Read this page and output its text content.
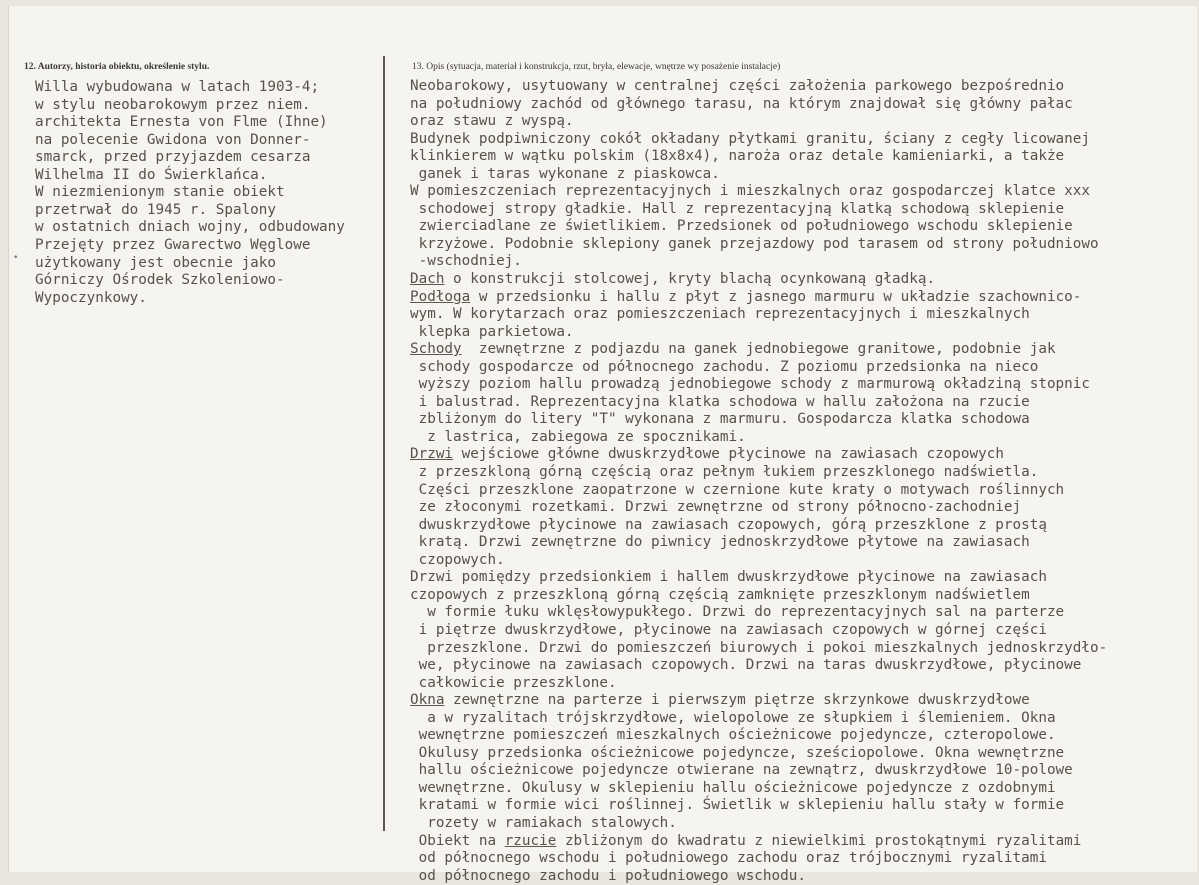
12. Autorzy, historia obiektu, określenie stylu.	13. Opis (sytuacja, materiał i konstrukcja, rzut, bryła, elewacje, wnętrze wy posażenie instalacje)
Willa wybudowana w latach 1903-4;
w stylu neobarokowym przez niem.
architekta Ernesta von Flme (Ihne)
na polecenie Gwidona von Donner-
smarck, przed przyjazdem cesarza
Wilhelma II do Świerklańca.
W niezmienionym stanie obiekt
przetrwał do 1945 r. Spalony
w ostatnich dniach wojny, odbudowany
•
Przejęty przez Gwarectwo Węglowe
użytkowany jest obecnie jako
Górniczy Ośrodek Szkoleniowo-
Wypoczynkowy.
Neobarokowy, usytuowany w centralnej części założenia parkowego bezpośrednio
na południowy zachód od głównego tarasu, na którym znajdował się główny pałac
oraz stawu z wyspą.
Budynek podpiwniczony cokół okładany płytkami granitu, ściany z cegły licowanej
klinkierem w wątku polskim (18x8x4), naroża oraz detale kamieniarki, a także
ganek i taras wykonane z piaskowca.
W pomieszczeniach reprezentacyjnych i mieszkalnych oraz gospodarczej klatce xxx
schodowej stropy gładkie. Hall z reprezentacyjną klatką schodową sklepienie
zwierciadlane ze świetlikiem. Przedsionek od południowego wschodu sklepienie
krzyżowe. Podobnie sklepiony ganek przejazdowy pod tarasem od strony południowo
-wschodniej.
Dach o konstrukcji stolcowej, kryty blachą ocynkowaną gładką.
Podłoga w przedsionku i hallu z płyt z jasnego marmuru w układzie szachownico-
wym. W korytarzach oraz pomieszczeniach reprezentacyjnych i mieszkalnych
klepka parkietowa.
Schody  zewnętrzne z podjazdu na ganek jednobiegowe granitowe, podobnie jak
schody gospodarcze od północnego zachodu. Z poziomu przedsionka na nieco
wyższy poziom hallu prowadzą jednobiegowe schody z marmurową okładziną stopnic
i balustrad. Reprezentacyjna klatka schodowa w hallu założona na rzucie
zbliżonym do litery "T" wykonana z marmuru. Gospodarcza klatka schodowa
z lastrica, zabiegowa ze spocznikami.
Drzwi wejściowe główne dwuskrzydłowe płycinowe na zawiasach czopowych
z przeszkloną górną częścią oraz pełnym łukiem przeszklonego nadświetla.
Części przeszklone zaopatrzone w czernione kute kraty o motywach roślinnych
ze złoconymi rozetkami. Drzwi zewnętrzne od strony północno-zachodniej
dwuskrzydłowe płycinowe na zawiasach czopowych, górą przeszklone z prostą
kratą. Drzwi zewnętrzne do piwnicy jednoskrzydłowe płytowe na zawiasach
czopowych.
Drzwi pomiędzy przedsionkiem i hallem dwuskrzydłowe płycinowe na zawiasach
czopowych z przeszkloną górną częścią zamknięte przeszklonym nadświetlem
w formie łuku wklęsłowypukłego. Drzwi do reprezentacyjnych sal na parterze
i piętrze dwuskrzydłowe, płycinowe na zawiasach czopowych w górnej części
przeszklone. Drzwi do pomieszczeń biurowych i pokoi mieszkalnych jednoskrzydło-
we, płycinowe na zawiasach czopowych. Drzwi na taras dwuskrzydłowe, płycinowe
całkowicie przeszklone.
Okna zewnętrzne na parterze i pierwszym piętrze skrzynkowe dwuskrzydłowe
a w ryzalitach trójskrzydłowe, wielopolowe ze słupkiem i ślemieniem. Okna
wewnętrzne pomieszczeń mieszkalnych ościeżnicowe pojedyncze, czteropolowe.
Okulusy przedsionka ościeżnicowe pojedyncze, sześciopolowe. Okna wewnętrzne
hallu ościeżnicowe pojedyncze otwierane na zewnątrz, dwuskrzydłowe 10-polowe
wewnętrzne. Okulusy w sklepieniu hallu ościeżnicowe pojedyncze z ozdobnymi
kratami w formie wici roślinnej. Świetlik w sklepieniu hallu stały w formie
rozety w ramiakach stalowych.
Obiekt na rzucie zbliżonym do kwadratu z niewielkimi prostokątnymi ryzalitami
od północnego wschodu i południowego zachodu oraz trójbocznymi ryzalitami
od północnego zachodu i południowego wschodu.
